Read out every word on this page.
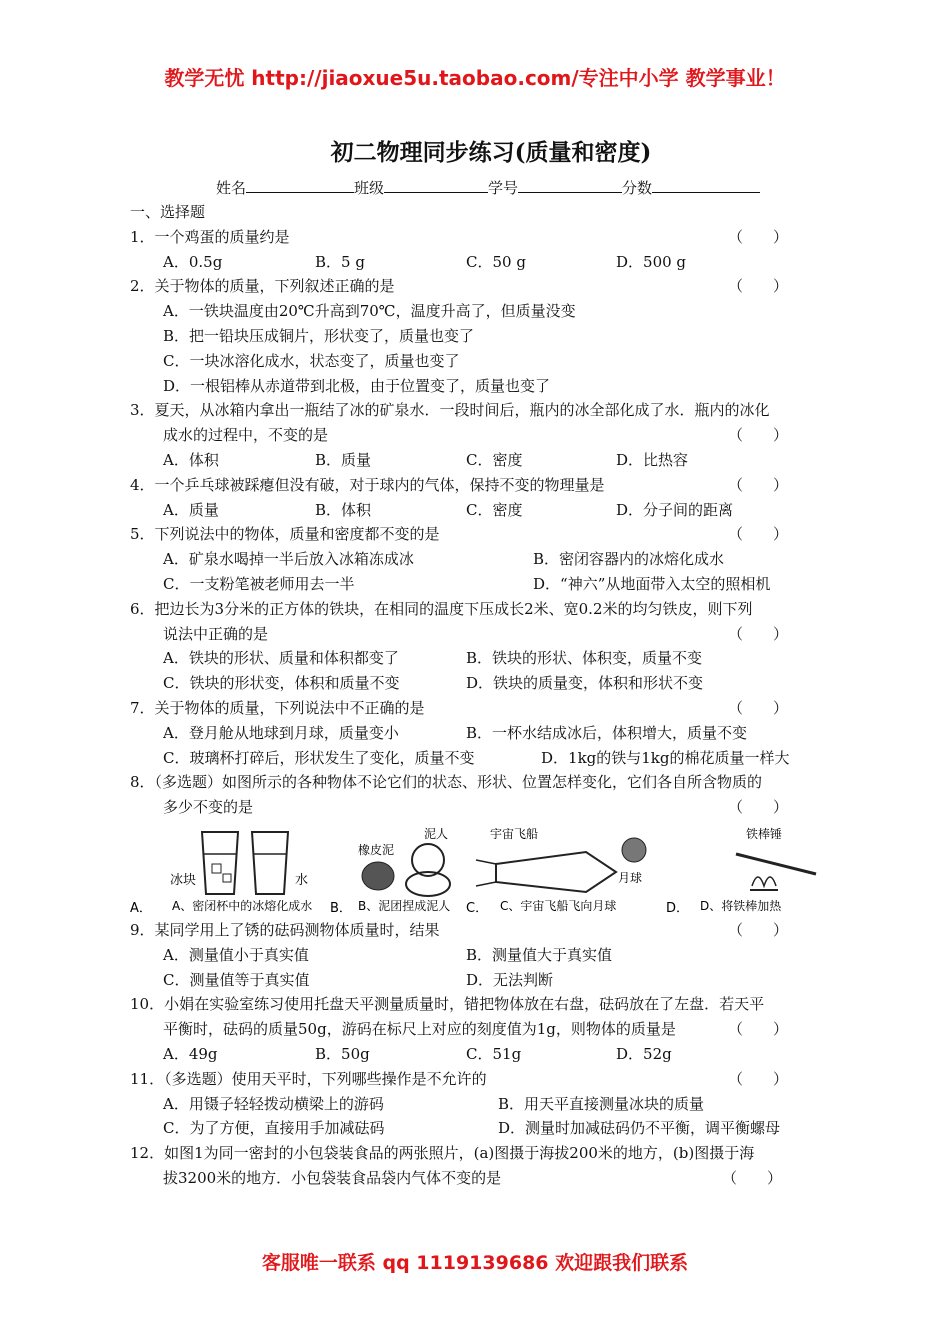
教学无忧 http://jiaoxue5u.taobao.com/专注中小学 教学事业！
初二物理同步练习(质量和密度)
姓名	班级	学号	分数
一、选择题
1．一个鸡蛋的质量约是	（　　）
A．0.5g	B．5 g	C．50 g	D．500 g
2．关于物体的质量，下列叙述正确的是	（　　）
A．一铁块温度由20℃升高到70℃，温度升高了，但质量没变
B．把一铅块压成铜片，形状变了，质量也变了
C．一块冰溶化成水，状态变了，质量也变了
D．一根铝棒从赤道带到北极，由于位置变了，质量也变了
3．夏天，从冰箱内拿出一瓶结了冰的矿泉水．一段时间后，瓶内的冰全部化成了水．瓶内的冰化
成水的过程中，不变的是	（　　）
A．体积	B．质量	C．密度	D．比热容
4．一个乒乓球被踩瘪但没有破，对于球内的气体，保持不变的物理量是	（　　）
A．质量	B．体积	C．密度	D．分子间的距离
5．下列说法中的物体，质量和密度都不变的是	（　　）
A．矿泉水喝掉一半后放入冰箱冻成冰	B．密闭容器内的冰熔化成水
C．一支粉笔被老师用去一半	D．“神六”从地面带入太空的照相机
6．把边长为3分米的正方体的铁块，在相同的温度下压成长2米、宽0.2米的均匀铁皮，则下列
说法中正确的是	（　　）
A．铁块的形状、质量和体积都变了	B．铁块的形状、体积变，质量不变
C．铁块的形状变，体积和质量不变	D．铁块的质量变，体积和形状不变
7．关于物体的质量，下列说法中不正确的是	（　　）
A．登月舱从地球到月球，质量变小	B．一杯水结成冰后，体积增大，质量不变
C．玻璃杯打碎后，形状发生了变化，质量不变	D．1kg的铁与1kg的棉花质量一样大
8．（多选题）如图所示的各种物体不论它们的状态、形状、位置怎样变化，它们各自所含物质的
多少不变的是	（　　）
冰块	水
A． A、密闭杯中的冰熔化成水
泥人
橡皮泥
B． B、泥团捏成泥人
宇宙飞船
月球
C． C、宇宙飞船飞向月球
铁棒锤
D． D、将铁棒加热
9．某同学用上了锈的砝码测物体质量时，结果	（　　）
A．测量值小于真实值	B．测量值大于真实值
C．测量值等于真实值	D．无法判断
10．小娟在实验室练习使用托盘天平测量质量时，错把物体放在右盘，砝码放在了左盘．若天平
平衡时，砝码的质量50g，游码在标尺上对应的刻度值为1g，则物体的质量是	（　　）
A．49g	B．50g	C．51g	D．52g
11．（多选题）使用天平时，下列哪些操作是不允许的	（　　）
A．用镊子轻轻拨动横梁上的游码	B．用天平直接测量冰块的质量
C．为了方便，直接用手加减砝码	D．测量时加减砝码仍不平衡，调平衡螺母
12．如图1为同一密封的小包袋装食品的两张照片，(a)图摄于海拔200米的地方，(b)图摄于海
拔3200米的地方．小包袋装食品袋内气体不变的是	（　　）
客服唯一联系 qq 1119139686 欢迎跟我们联系
